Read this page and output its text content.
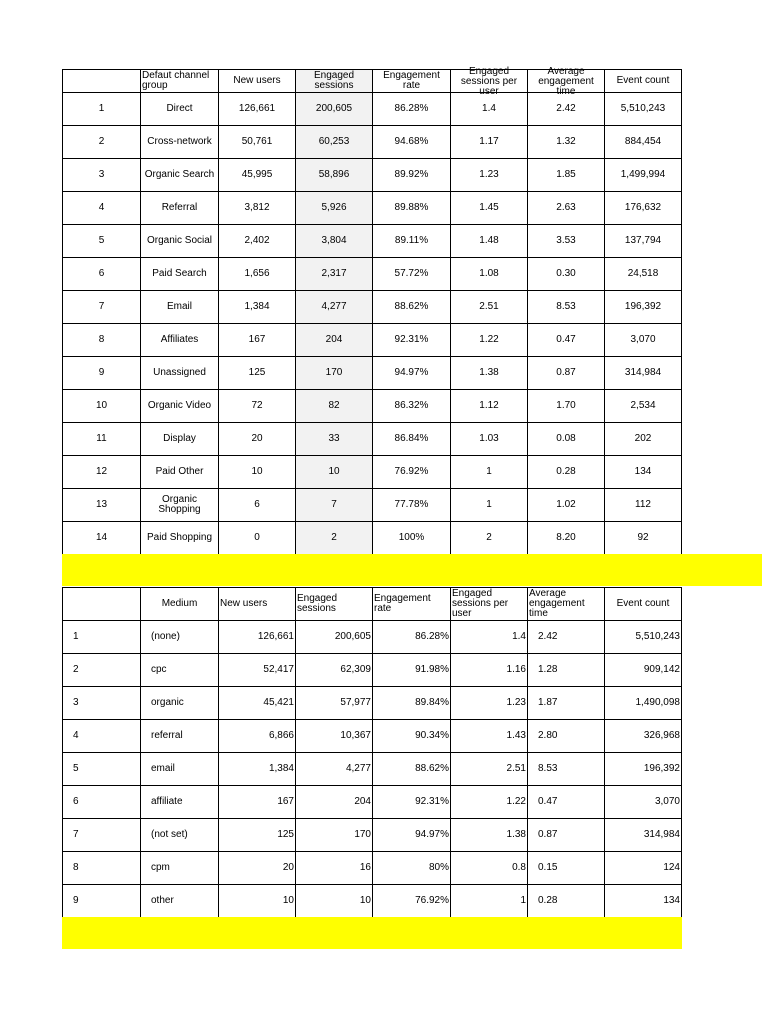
	Defaut channel group	New users	Engaged sessions	Engagement rate	Engaged sessions per user	Average engagement time	Event count

1	Direct	126,661	200,605	86.28%	1.4	2.42	5,510,243
2	Cross-network	50,761	60,253	94.68%	1.17	1.32	884,454
3	Organic Search	45,995	58,896	89.92%	1.23	1.85	1,499,994
4	Referral	3,812	5,926	89.88%	1.45	2.63	176,632
5	Organic Social	2,402	3,804	89.11%	1.48	3.53	137,794
6	Paid Search	1,656	2,317	57.72%	1.08	0.30	24,518
7	Email	1,384	4,277	88.62%	2.51	8.53	196,392
8	Affiliates	167	204	92.31%	1.22	0.47	3,070
9	Unassigned	125	170	94.97%	1.38	0.87	314,984
10	Organic Video	72	82	86.32%	1.12	1.70	2,534
11	Display	20	33	86.84%	1.03	0.08	202
12	Paid Other	10	10	76.92%	1	0.28	134
13	Organic Shopping	6	7	77.78%	1	1.02	112
14	Paid Shopping	0	2	100%	2	8.20	92
	Medium	New users	Engaged sessions	Engagement rate	Engaged sessions per user	Average engagement time	Event count
1	(none)	126,661	200,605	86.28%	1.4	2.42	5,510,243
2	cpc	52,417	62,309	91.98%	1.16	1.28	909,142
3	organic	45,421	57,977	89.84%	1.23	1.87	1,490,098
4	referral	6,866	10,367	90.34%	1.43	2.80	326,968
5	email	1,384	4,277	88.62%	2.51	8.53	196,392
6	affiliate	167	204	92.31%	1.22	0.47	3,070
7	(not set)	125	170	94.97%	1.38	0.87	314,984
8	cpm	20	16	80%	0.8	0.15	124
9	other	10	10	76.92%	1	0.28	134
